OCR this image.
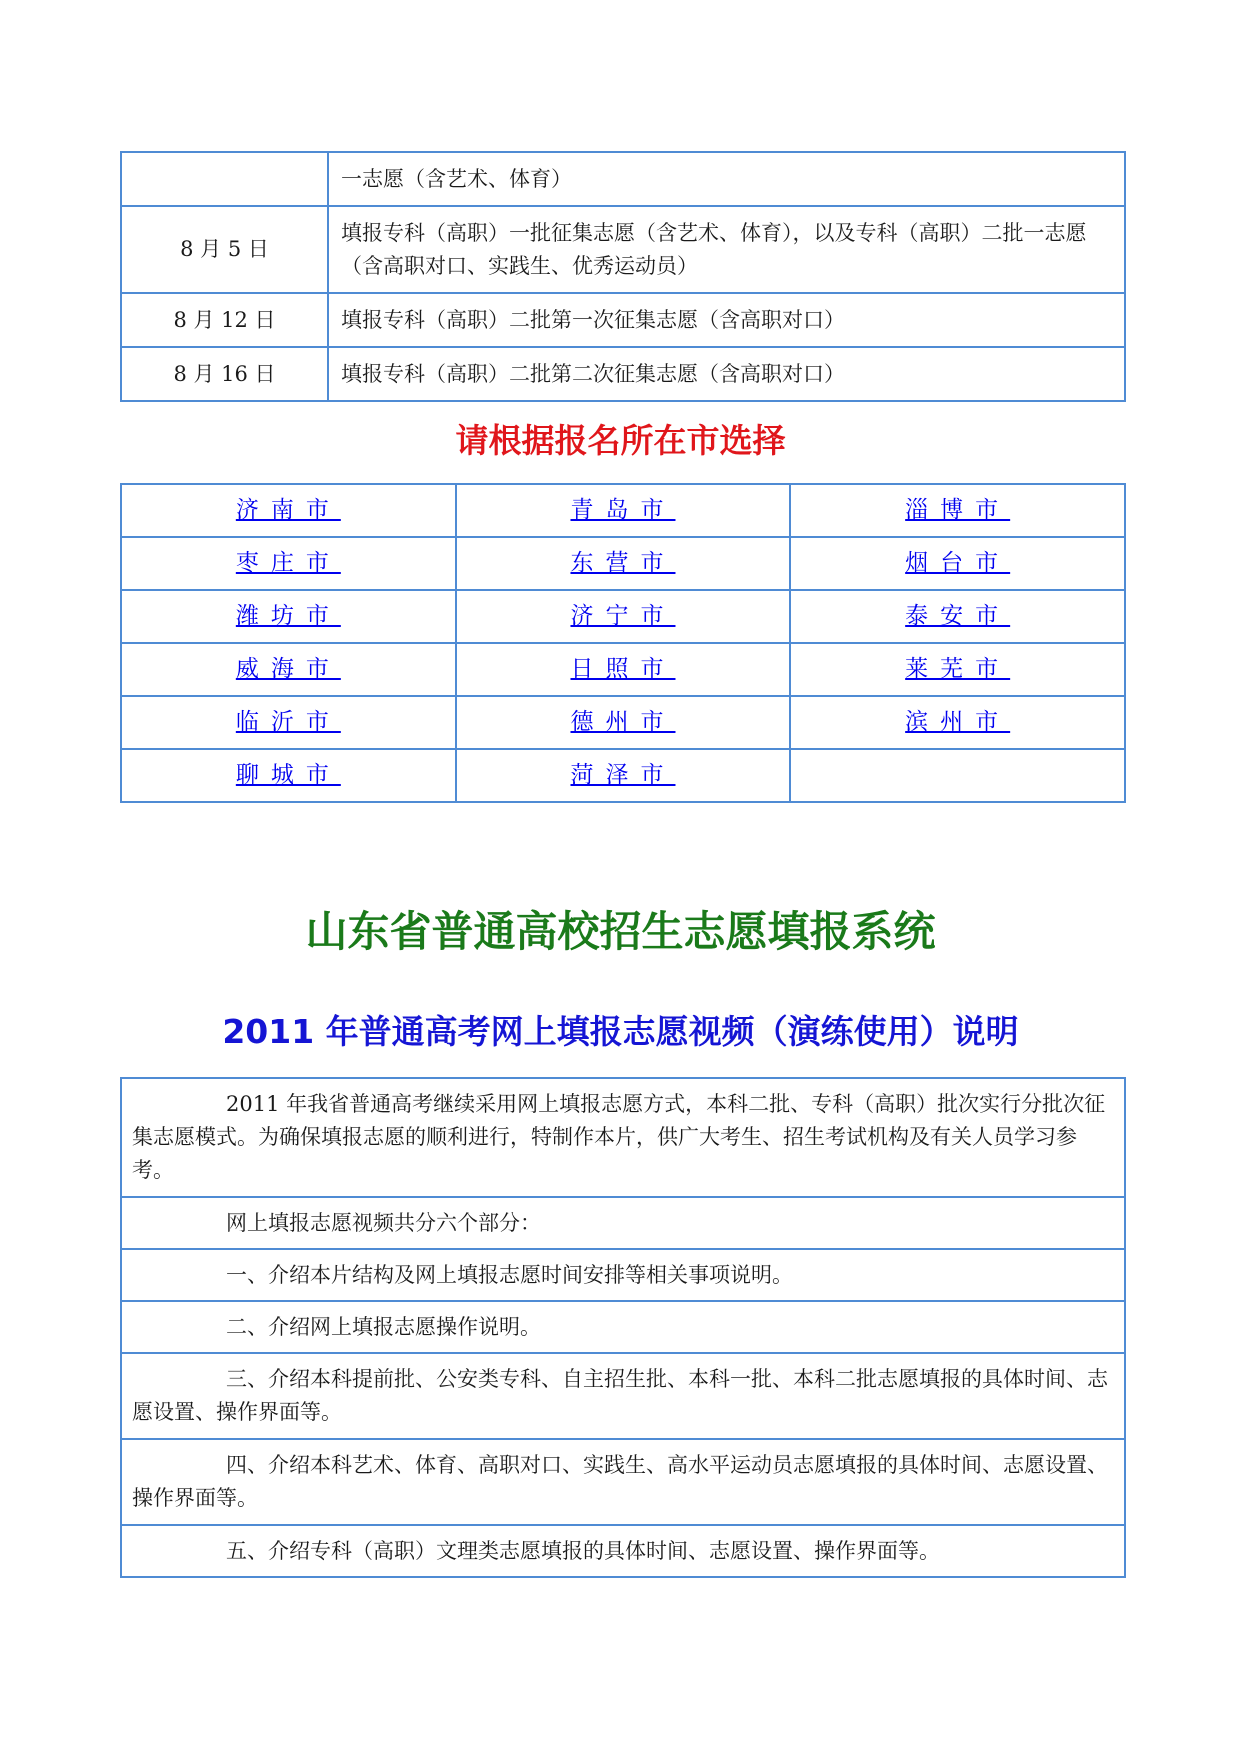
	一志愿（含艺术、体育）
8 月 5 日	填报专科（高职）一批征集志愿（含艺术、体育），以及专科（高职）二批一志愿（含高职对口、实践生、优秀运动员）
8 月 12 日	填报专科（高职）二批第一次征集志愿（含高职对口）
8 月 16 日	填报专科（高职）二批第二次征集志愿（含高职对口）
请根据报名所在市选择
济南市	青岛市	淄博市
枣庄市	东营市	烟台市
潍坊市	济宁市	泰安市
威海市	日照市	莱芜市
临沂市	德州市	滨州市
聊城市	菏泽市	
山东省普通高校招生志愿填报系统
2011 年普通高考网上填报志愿视频（演练使用）说明
2011 年我省普通高考继续采用网上填报志愿方式，本科二批、专科（高职）批次实行分批次征集志愿模式。为确保填报志愿的顺利进行，特制作本片，供广大考生、招生考试机构及有关人员学习参考。
网上填报志愿视频共分六个部分：
一、介绍本片结构及网上填报志愿时间安排等相关事项说明。
二、介绍网上填报志愿操作说明。
三、介绍本科提前批、公安类专科、自主招生批、本科一批、本科二批志愿填报的具体时间、志愿设置、操作界面等。
四、介绍本科艺术、体育、高职对口、实践生、高水平运动员志愿填报的具体时间、志愿设置、操作界面等。
五、介绍专科（高职）文理类志愿填报的具体时间、志愿设置、操作界面等。
